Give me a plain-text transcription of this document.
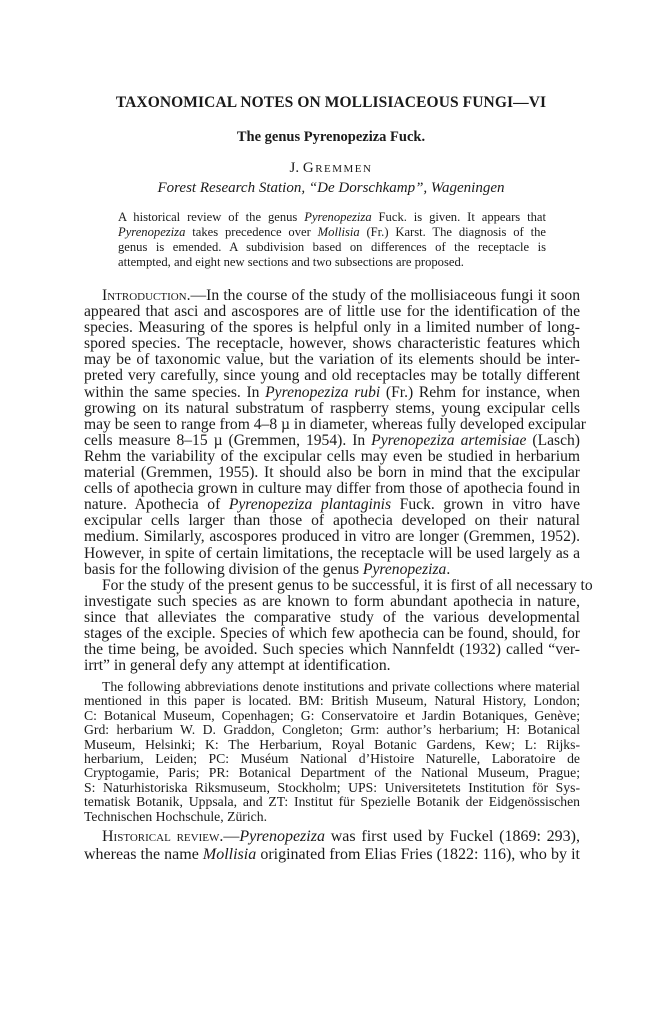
TAXONOMICAL NOTES ON MOLLISIACEOUS FUNGI—VI
The genus Pyrenopeziza Fuck.
J. Gremmen
Forest Research Station, “De Dorschkamp”, Wageningen
A historical review of the genus Pyrenopeziza Fuck. is given. It appears that
Pyrenopeziza takes precedence over Mollisia (Fr.) Karst. The diagnosis of the
genus is emended. A subdivision based on differences of the receptacle is
attempted, and eight new sections and two subsections are proposed.
Introduction.—In the course of the study of the mollisiaceous fungi it soon
appeared that asci and ascospores are of little use for the identification of the
species. Measuring of the spores is helpful only in a limited number of long-
spored species. The receptacle, however, shows characteristic features which
may be of taxonomic value, but the variation of its elements should be inter-
preted very carefully, since young and old receptacles may be totally different
within the same species. In Pyrenopeziza rubi (Fr.) Rehm for instance, when
growing on its natural substratum of raspberry stems, young excipular cells
may be seen to range from 4–8 µ in diameter, whereas fully developed excipular
cells measure 8–15 µ (Gremmen, 1954). In Pyrenopeziza artemisiae (Lasch)
Rehm the variability of the excipular cells may even be studied in herbarium
material (Gremmen, 1955). It should also be born in mind that the excipular
cells of apothecia grown in culture may differ from those of apothecia found in
nature. Apothecia of Pyrenopeziza plantaginis Fuck. grown in vitro have
excipular cells larger than those of apothecia developed on their natural
medium. Similarly, ascospores produced in vitro are longer (Gremmen, 1952).
However, in spite of certain limitations, the receptacle will be used largely as a
basis for the following division of the genus Pyrenopeziza.
For the study of the present genus to be successful, it is first of all necessary to
investigate such species as are known to form abundant apothecia in nature,
since that alleviates the comparative study of the various developmental
stages of the exciple. Species of which few apothecia can be found, should, for
the time being, be avoided. Such species which Nannfeldt (1932) called “ver-
irrt” in general defy any attempt at identification.
The following abbreviations denote institutions and private collections where material
mentioned in this paper is located. BM: British Museum, Natural History, London;
C: Botanical Museum, Copenhagen; G: Conservatoire et Jardin Botaniques, Genève;
Grd: herbarium W. D. Graddon, Congleton; Grm: author’s herbarium; H: Botanical
Museum, Helsinki; K: The Herbarium, Royal Botanic Gardens, Kew; L: Rijks-
herbarium, Leiden; PC: Muséum National d’Histoire Naturelle, Laboratoire de
Cryptogamie, Paris; PR: Botanical Department of the National Museum, Prague;
S: Naturhistoriska Riksmuseum, Stockholm; UPS: Universitetets Institution för Sys-
tematisk Botanik, Uppsala, and ZT: Institut für Spezielle Botanik der Eidgenössischen
Technischen Hochschule, Zürich.
Historical review.—Pyrenopeziza was first used by Fuckel (1869: 293),
whereas the name Mollisia originated from Elias Fries (1822: 116), who by it
